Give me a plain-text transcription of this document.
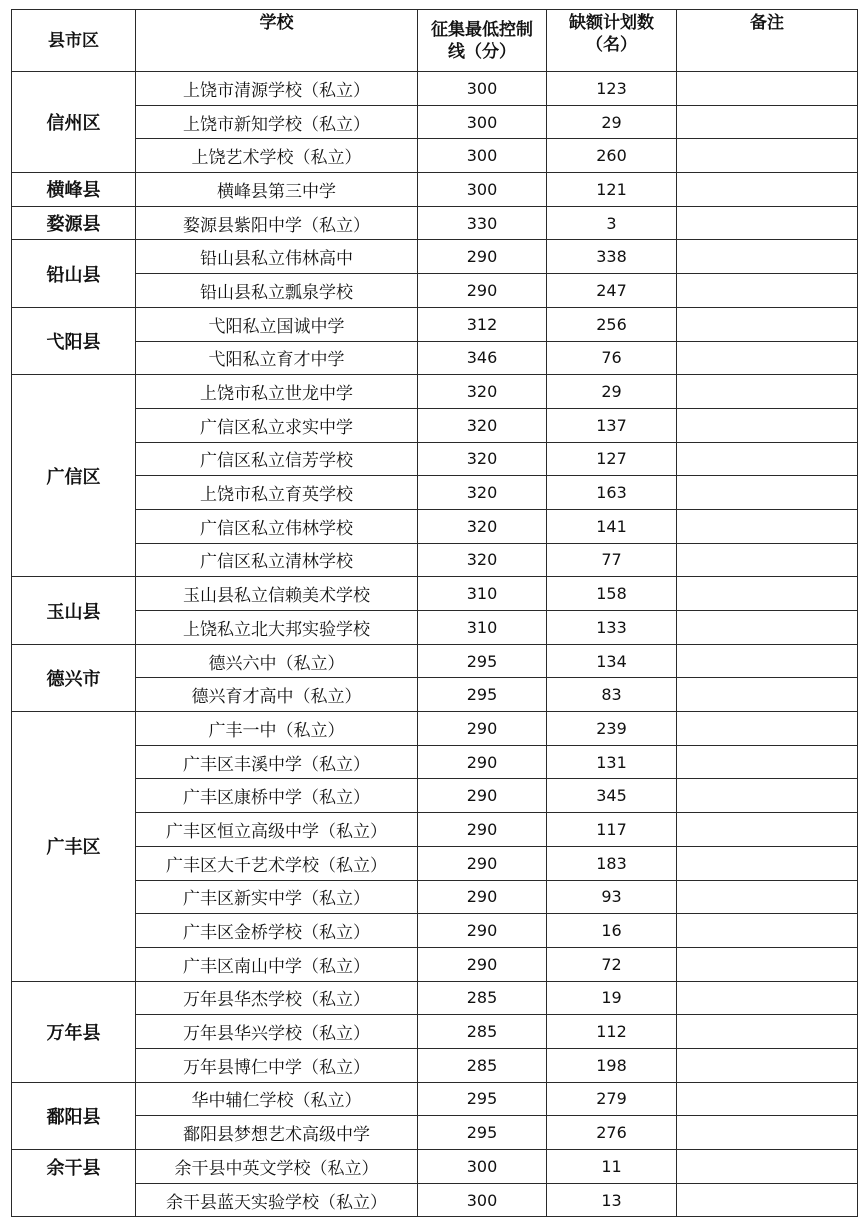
县市区	学校	征集最低控制线（分）	缺额计划数（名）	备注
信州区	上饶市清源学校（私立）	300	123	
	上饶市新知学校（私立）	300	29	
	上饶艺术学校（私立）	300	260	
横峰县	横峰县第三中学	300	121	
婺源县	婺源县紫阳中学（私立）	330	3	
铅山县	铅山县私立伟林高中	290	338	
	铅山县私立瓢泉学校	290	247	
弋阳县	弋阳私立国诚中学	312	256	
	弋阳私立育才中学	346	76	
广信区	上饶市私立世龙中学	320	29	
	广信区私立求实中学	320	137	
	广信区私立信芳学校	320	127	
	上饶市私立育英学校	320	163	
	广信区私立伟林学校	320	141	
	广信区私立清林学校	320	77	
玉山县	玉山县私立信赖美术学校	310	158	
	上饶私立北大邦实验学校	310	133	
德兴市	德兴六中（私立）	295	134	
	德兴育才高中（私立）	295	83	
广丰区	广丰一中（私立）	290	239	
	广丰区丰溪中学（私立）	290	131	
	广丰区康桥中学（私立）	290	345	
	广丰区恒立高级中学（私立）	290	117	
	广丰区大千艺术学校（私立）	290	183	
	广丰区新实中学（私立）	290	93	
	广丰区金桥学校（私立）	290	16	
	广丰区南山中学（私立）	290	72	
万年县	万年县华杰学校（私立）	285	19	
	万年县华兴学校（私立）	285	112	
	万年县博仁中学（私立）	285	198	
鄱阳县	华中辅仁学校（私立）	295	279	
	鄱阳县梦想艺术高级中学	295	276	
余干县	余干县中英文学校（私立）	300	11	
	余干县蓝天实验学校（私立）	300	13	
